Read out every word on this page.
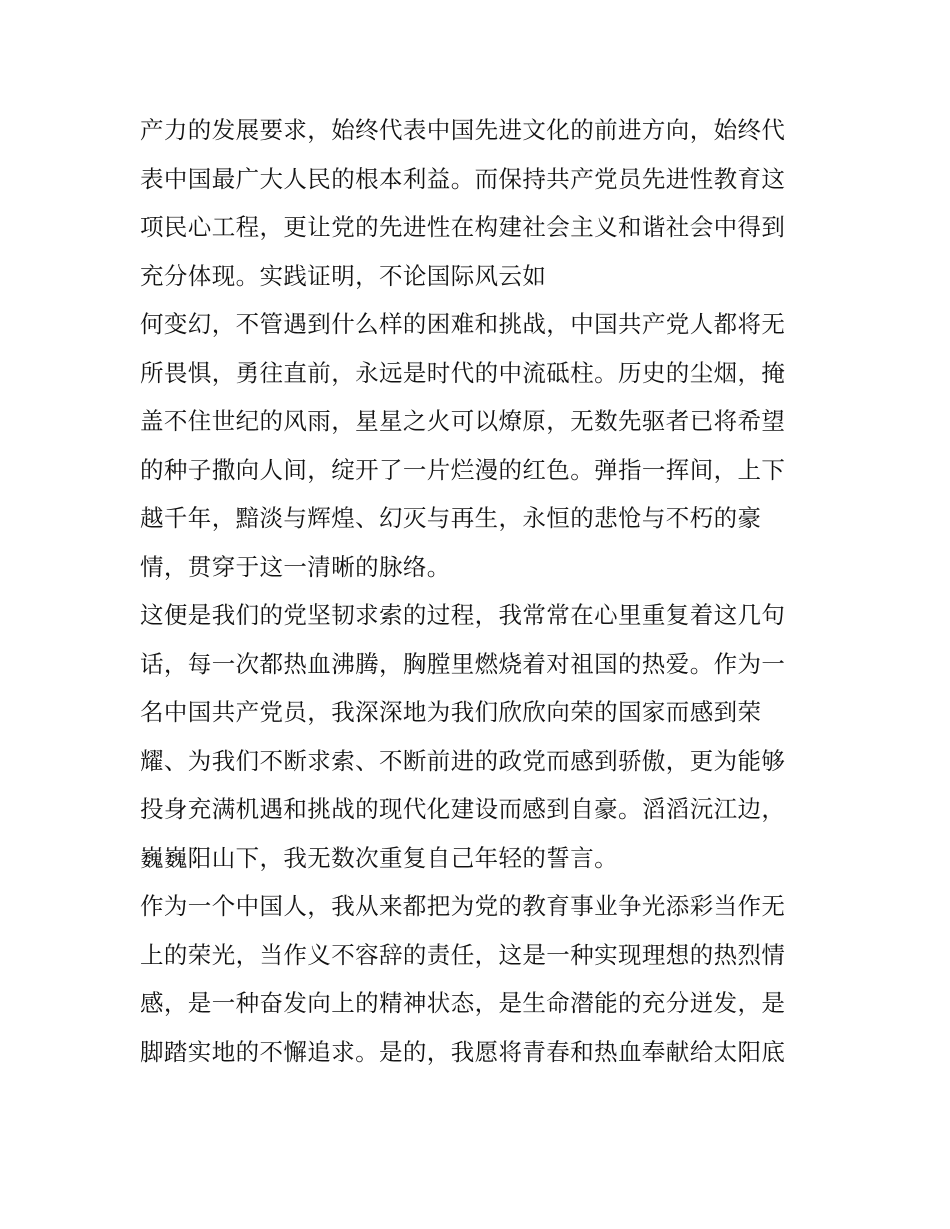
产力的发展要求，始终代表中国先进文化的前进方向，始终代
表中国最广大人民的根本利益。而保持共产党员先进性教育这
项民心工程，更让党的先进性在构建社会主义和谐社会中得到
充分体现。实践证明，不论国际风云如
何变幻，不管遇到什么样的困难和挑战，中国共产党人都将无
所畏惧，勇往直前，永远是时代的中流砥柱。历史的尘烟，掩
盖不住世纪的风雨，星星之火可以燎原，无数先驱者已将希望
的种子撒向人间，绽开了一片烂漫的红色。弹指一挥间，上下
越千年，黯淡与辉煌、幻灭与再生，永恒的悲怆与不朽的豪
情，贯穿于这一清晰的脉络。
这便是我们的党坚韧求索的过程，我常常在心里重复着这几句
话，每一次都热血沸腾，胸膛里燃烧着对祖国的热爱。作为一
名中国共产党员，我深深地为我们欣欣向荣的国家而感到荣
耀、为我们不断求索、不断前进的政党而感到骄傲，更为能够
投身充满机遇和挑战的现代化建设而感到自豪。滔滔沅江边，
巍巍阳山下，我无数次重复自己年轻的誓言。
作为一个中国人，我从来都把为党的教育事业争光添彩当作无
上的荣光，当作义不容辞的责任，这是一种实现理想的热烈情
感，是一种奋发向上的精神状态，是生命潜能的充分迸发，是
脚踏实地的不懈追求。是的，我愿将青春和热血奉献给太阳底
